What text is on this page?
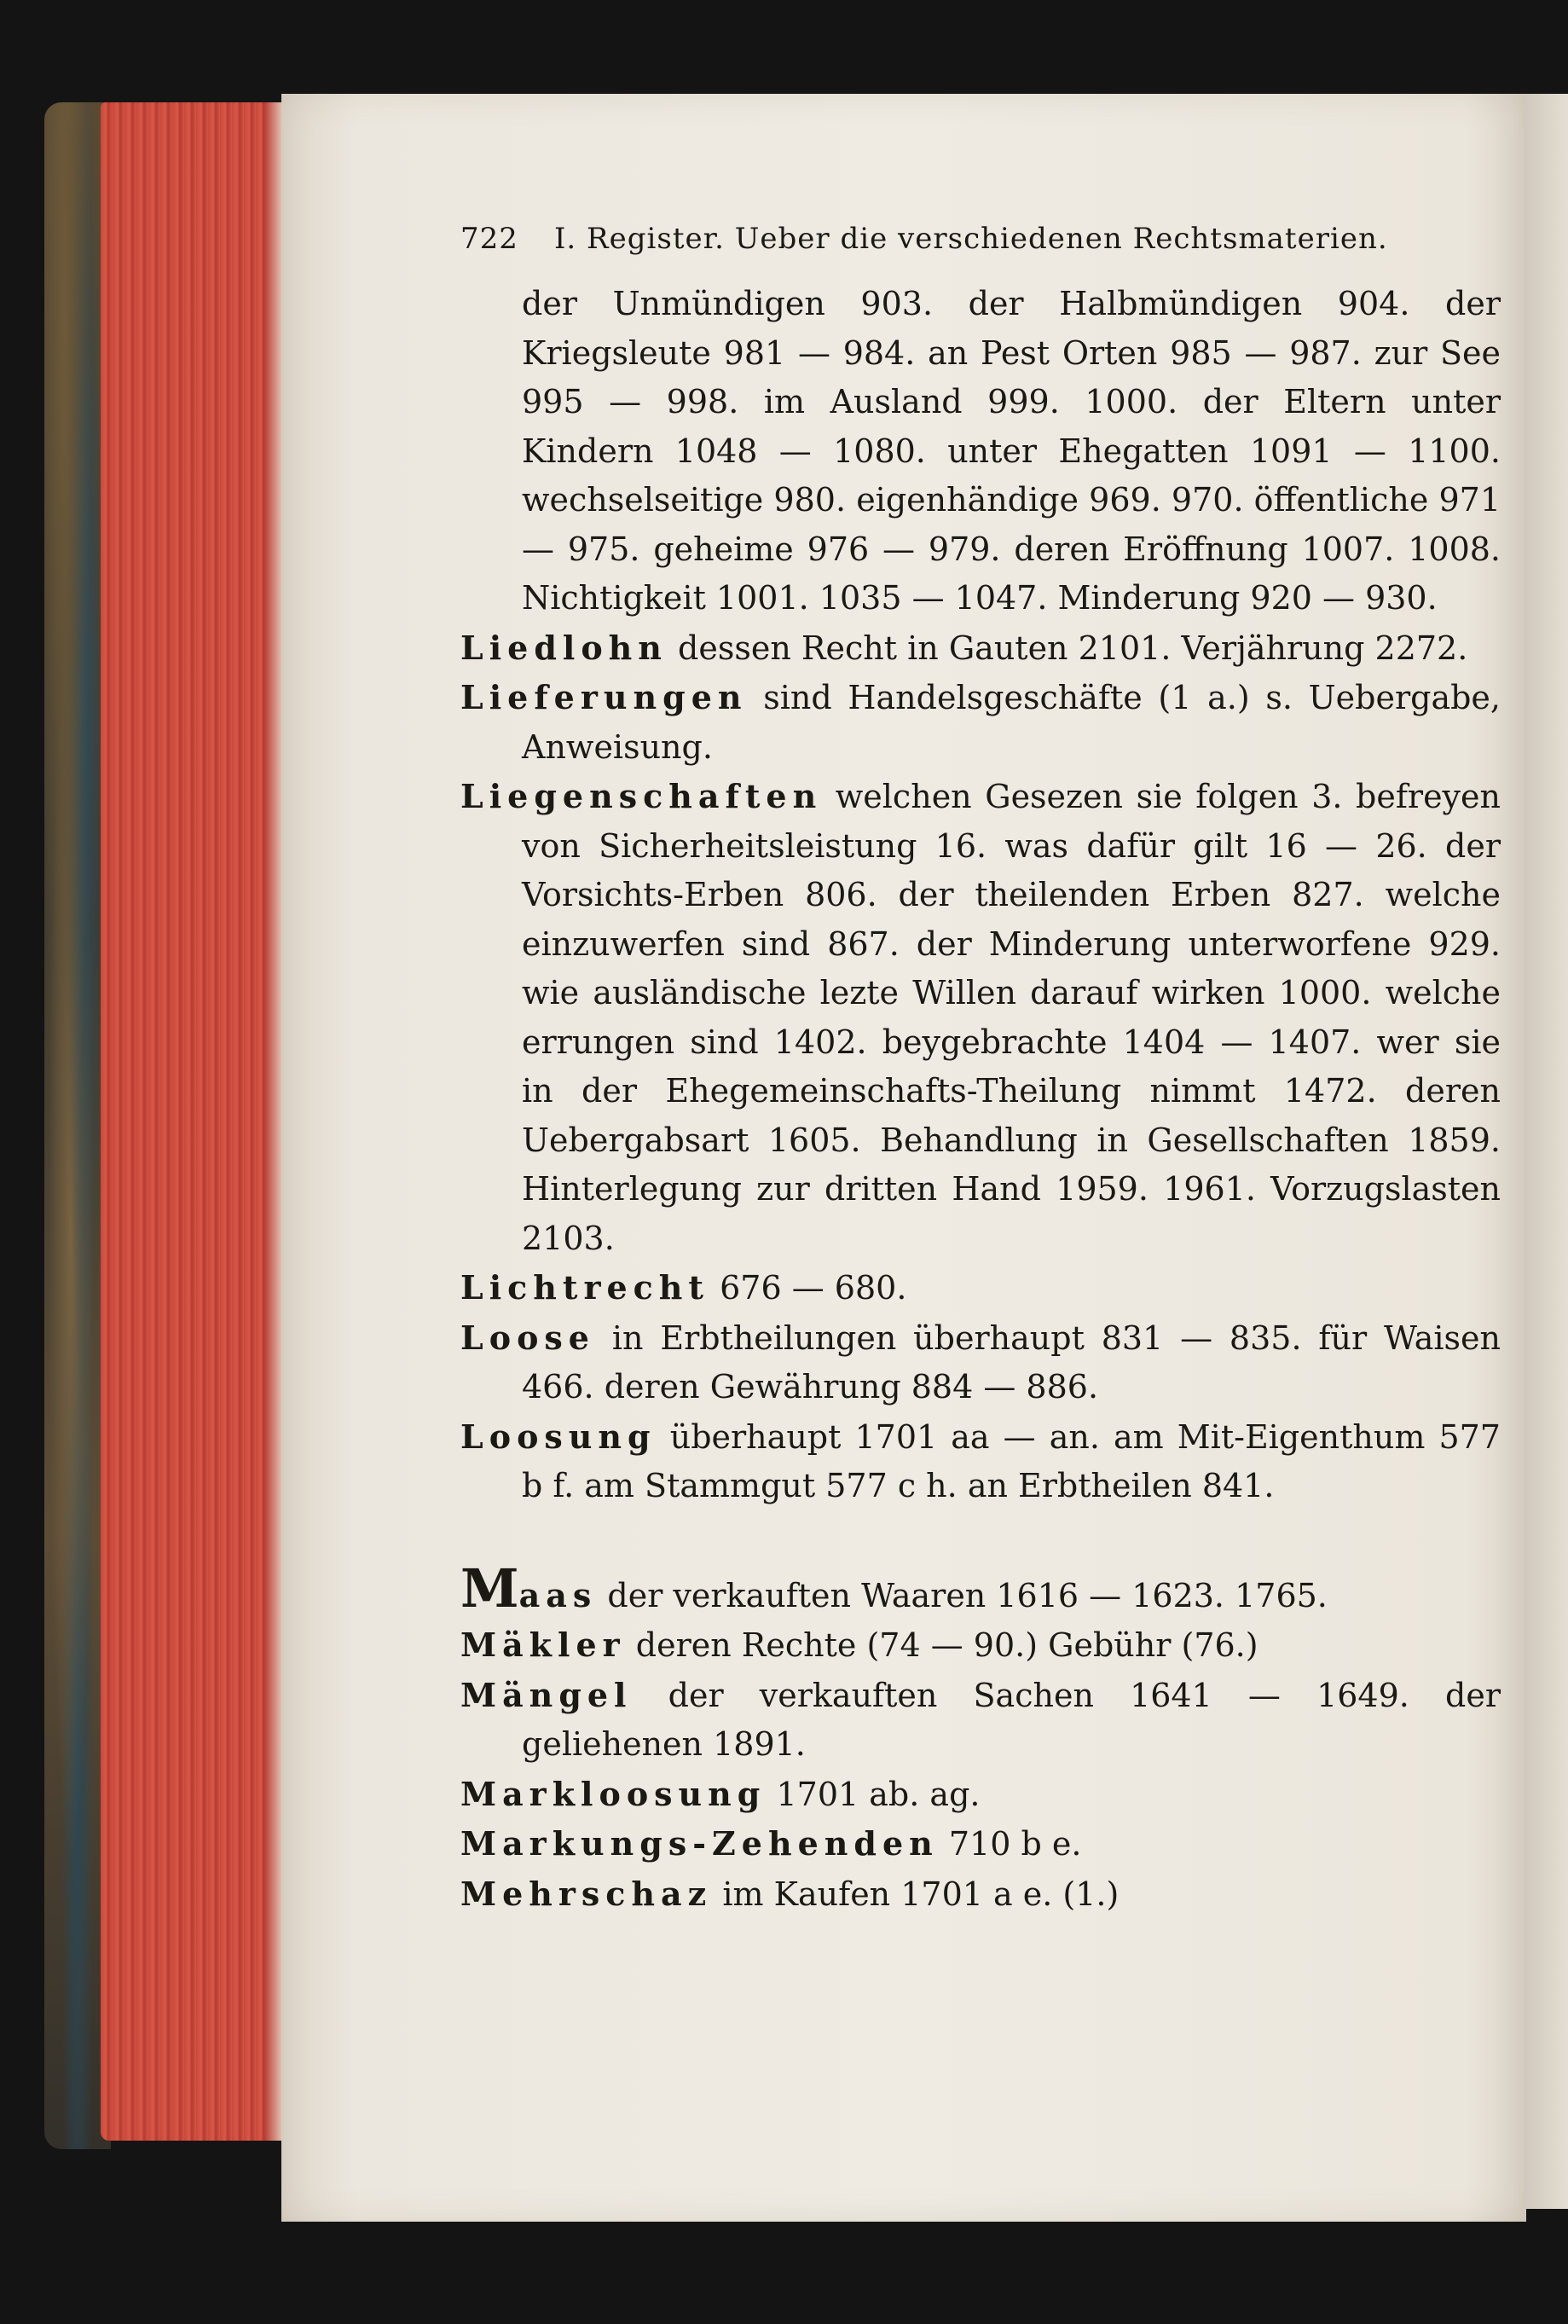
722 I. Register. Ueber die verschiedenen Rechtsmaterien.
der Unmündigen 903. der Halbmündigen 904. der Kriegsleute 981 — 984. an Pest Orten 985 — 987. zur See 995 — 998. im Ausland 999. 1000. der Eltern unter Kindern 1048 — 1080. unter Ehegatten 1091 — 1100. wechselseitige 980. eigenhändige 969. 970. öffentliche 971 — 975. geheime 976 — 979. deren Eröffnung 1007. 1008. Nichtigkeit 1001. 1035 — 1047. Minderung 920 — 930.
Liedlohn dessen Recht in Gauten 2101. Verjährung 2272.
Lieferungen sind Handelsgeschäfte (1 a.) s. Uebergabe, Anweisung.
Liegenschaften welchen Gesezen sie folgen 3. befreyen von Sicherheitsleistung 16. was dafür gilt 16 — 26. der Vorsichts-Erben 806. der theilenden Erben 827. welche einzuwerfen sind 867. der Minderung unterworfene 929. wie ausländische lezte Willen darauf wirken 1000. welche errungen sind 1402. beygebrachte 1404 — 1407. wer sie in der Ehegemeinschafts-Theilung nimmt 1472. deren Uebergabsart 1605. Behandlung in Gesellschaften 1859. Hinterlegung zur dritten Hand 1959. 1961. Vorzugslasten 2103.
Lichtrecht 676 — 680.
Loose in Erbtheilungen überhaupt 831 — 835. für Waisen 466. deren Gewährung 884 — 886.
Loosung überhaupt 1701 aa — an. am Mit-Eigenthum 577 b f. am Stammgut 577 c h. an Erbtheilen 841.
Maas der verkauften Waaren 1616 — 1623. 1765.
Mäkler deren Rechte (74 — 90.) Gebühr (76.)
Mängel der verkauften Sachen 1641 — 1649. der geliehenen 1891.
Markloosung 1701 ab. ag.
Markungs-Zehenden 710 b e.
Mehrschaz im Kaufen 1701 a e. (1.)
